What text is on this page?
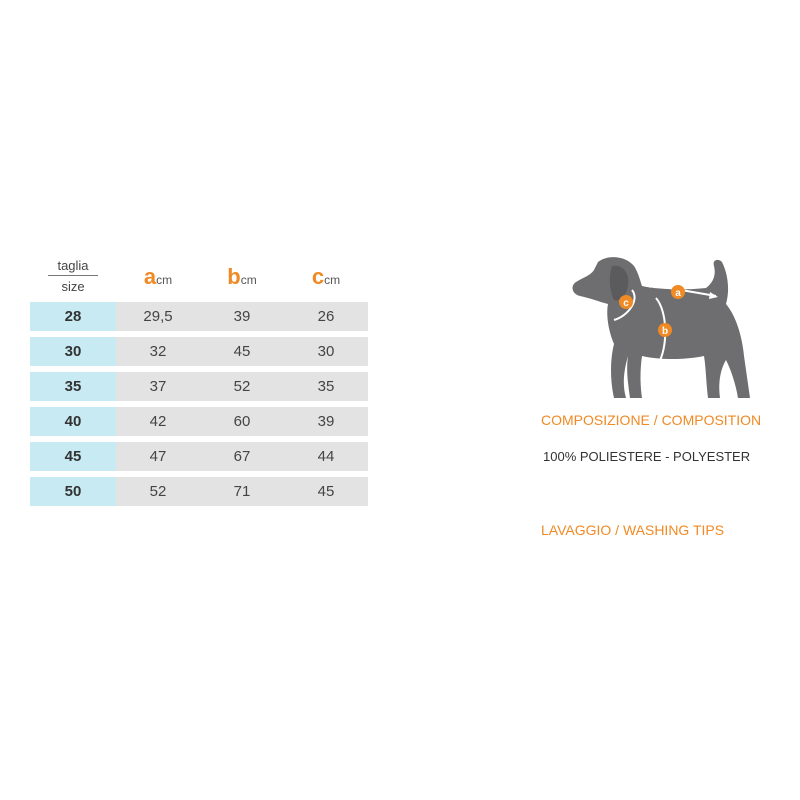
taglia
size	acm	bcm	ccm
28	29,5	39	26
30	32	45	30
35	37	52	35
40	42	60	39
45	47	67	44
50	52	71	45
a
b
c
COMPOSIZIONE / COMPOSITION
100% POLIESTERE - POLYESTER
LAVAGGIO / WASHING TIPS
